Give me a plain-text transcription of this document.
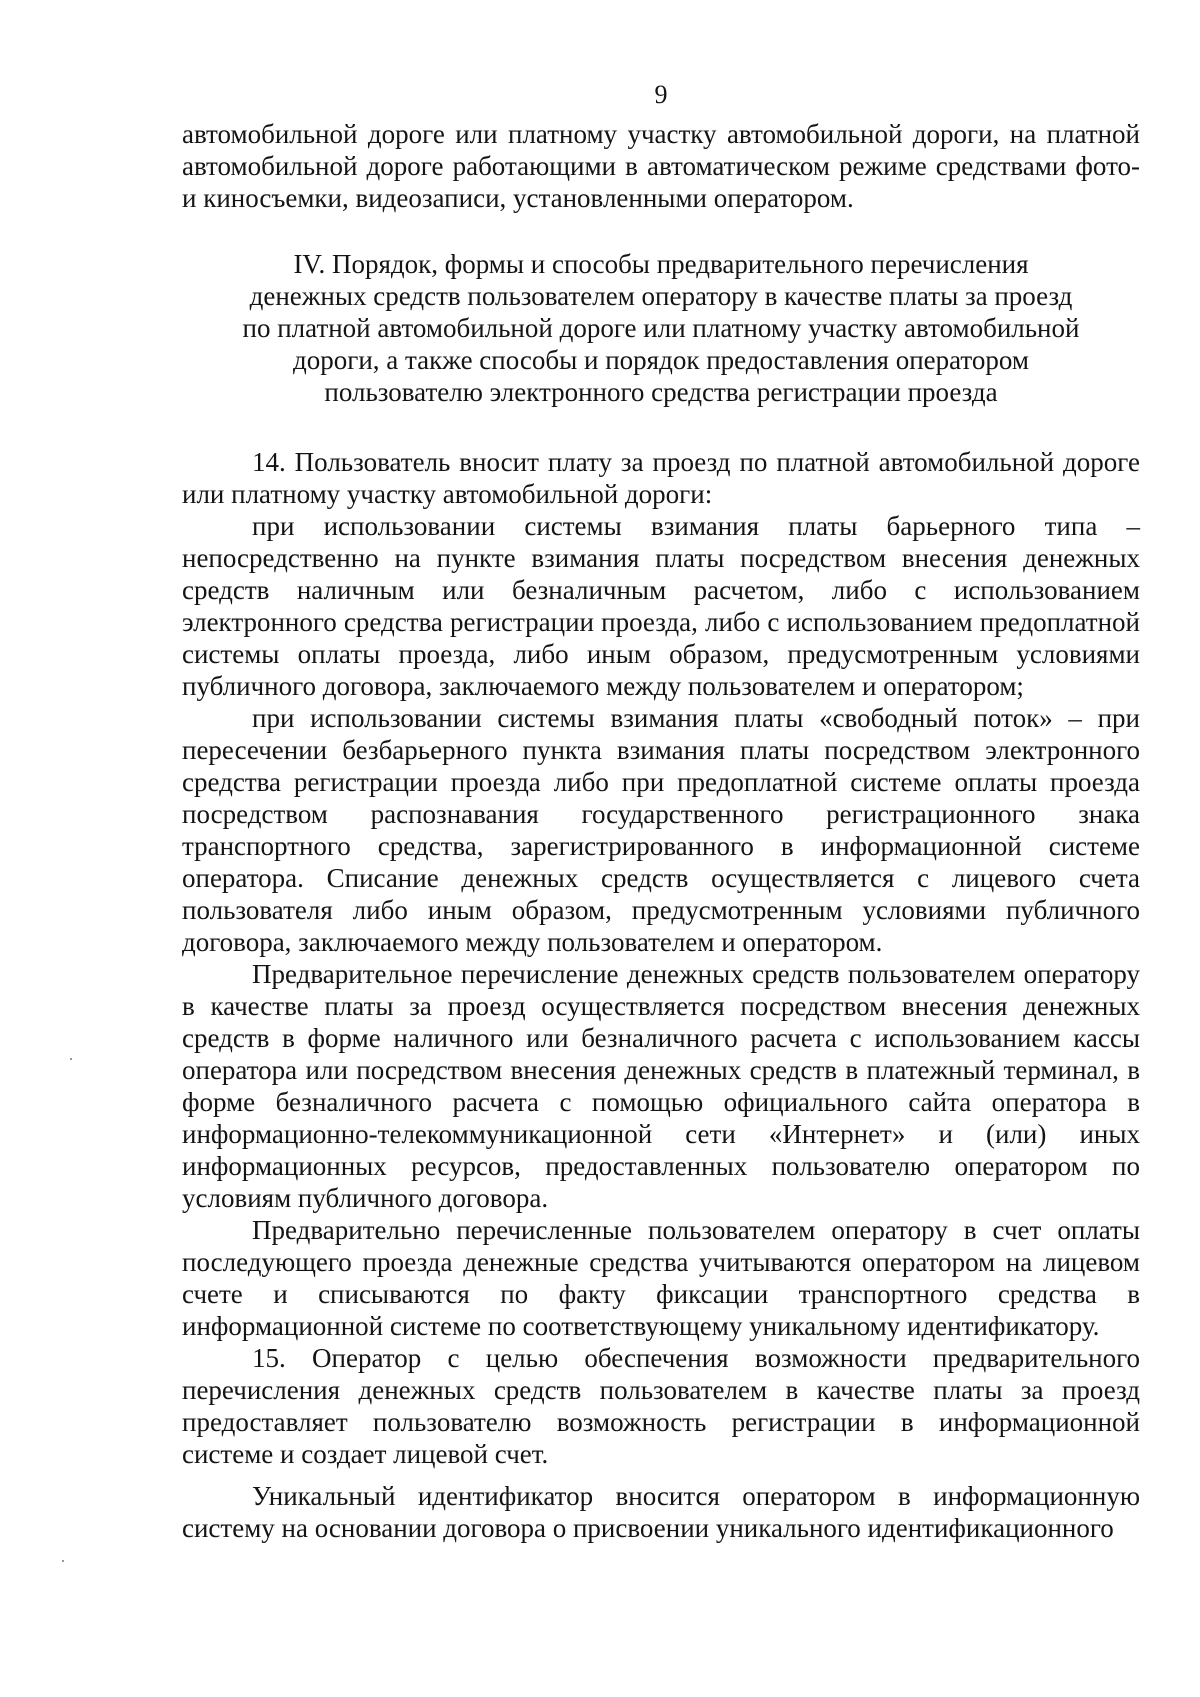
9

автомобильной дороге или платному участку автомобильной дороги, на платной автомобильной дороге работающими в автоматическом режиме средствами фото- и киносъемки, видеозаписи, установленными оператором.

IV. Порядок, формы и способы предварительного перечисления
денежных средств пользователем оператору в качестве платы за проезд
по платной автомобильной дороге или платному участку автомобильной
дороги, а также способы и порядок предоставления оператором
пользователю электронного средства регистрации проезда

14. Пользователь вносит плату за проезд по платной автомобильной дороге или платному участку автомобильной дороги:

при использовании системы взимания платы барьерного типа – непосредственно на пункте взимания платы посредством внесения денежных средств наличным или безналичным расчетом, либо с использованием электронного средства регистрации проезда, либо с использованием предоплатной системы оплаты проезда, либо иным образом, предусмотренным условиями публичного договора, заключаемого между пользователем и оператором;

при использовании системы взимания платы «свободный поток» – при пересечении безбарьерного пункта взимания платы посредством электронного средства регистрации проезда либо при предоплатной системе оплаты проезда посредством распознавания государственного регистрационного знака транспортного средства, зарегистрированного в информационной системе оператора. Списание денежных средств осуществляется с лицевого счета пользователя либо иным образом, предусмотренным условиями публичного договора, заключаемого между пользователем и оператором.

Предварительное перечисление денежных средств пользователем оператору в качестве платы за проезд осуществляется посредством внесения денежных средств в форме наличного или безналичного расчета с использованием кассы оператора или посредством внесения денежных средств в платежный терминал, в форме безналичного расчета с помощью официального сайта оператора в информационно-телекоммуникационной сети «Интернет» и (или) иных информационных ресурсов, предоставленных пользователю оператором по условиям публичного договора.

Предварительно перечисленные пользователем оператору в счет оплаты последующего проезда денежные средства учитываются оператором на лицевом счете и списываются по факту фиксации транспортного средства в информационной системе по соответствующему уникальному идентификатору.

15. Оператор с целью обеспечения возможности предварительного перечисления денежных средств пользователем в качестве платы за проезд предоставляет пользователю возможность регистрации в информационной системе и создает лицевой счет.

Уникальный идентификатор вносится оператором в информационную систему на основании договора о присвоении уникального идентификационного
